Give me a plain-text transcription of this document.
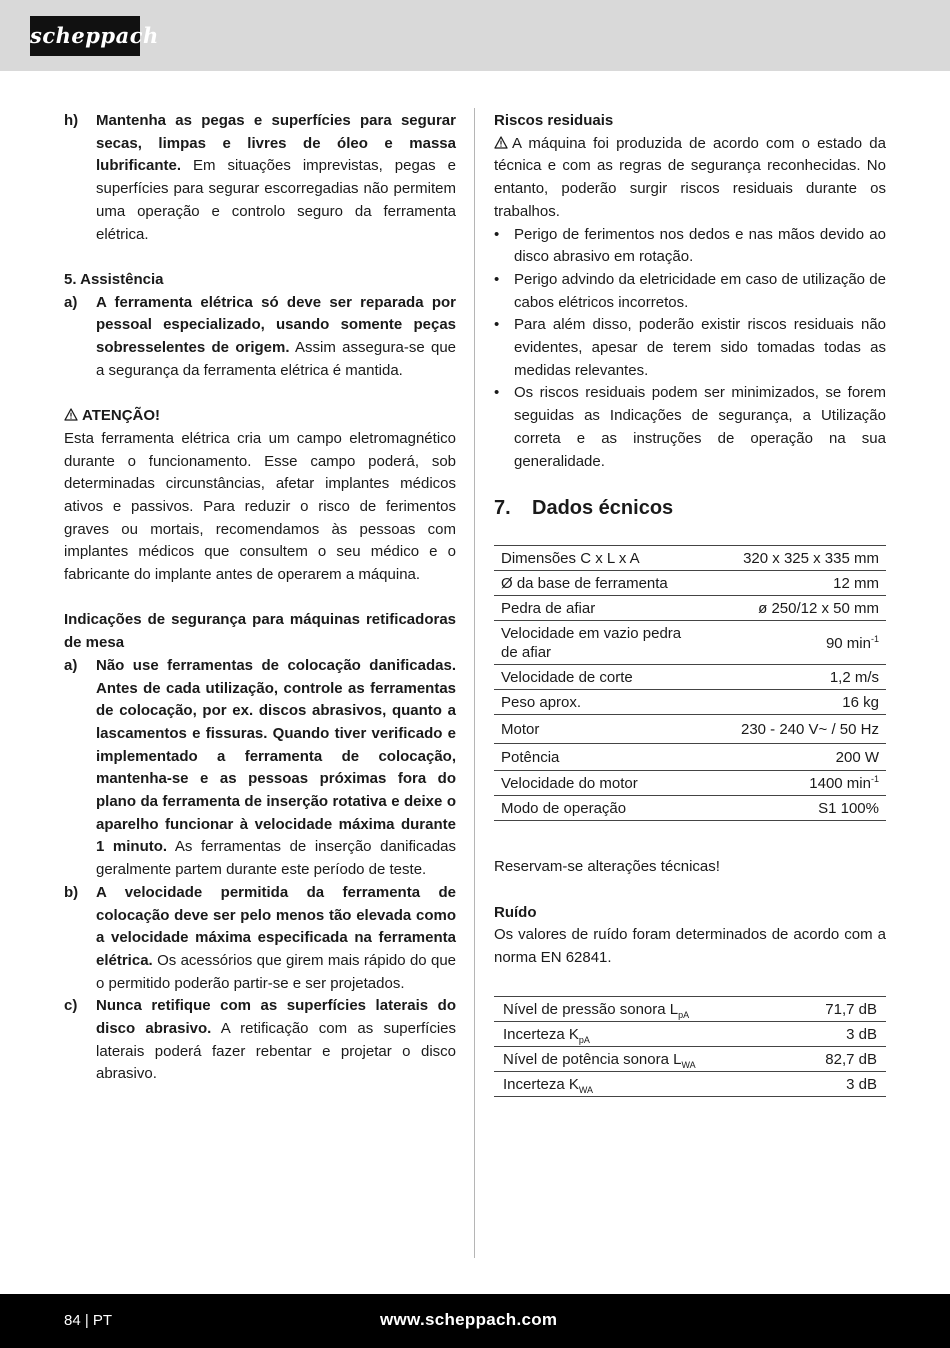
scheppach
h) Mantenha as pegas e superfícies para segurar secas, limpas e livres de óleo e massa lubrificante. Em situações imprevistas, pegas e superfícies para segurar escorregadias não permitem uma operação e controlo seguro da ferramenta elétrica.

5. Assistência

a) A ferramenta elétrica só deve ser reparada por pessoal especializado, usando somente peças sobresselentes de origem. Assim assegura-se que a segurança da ferramenta elétrica é mantida.

ATENÇÃO!

Esta ferramenta elétrica cria um campo eletromagnético durante o funcionamento. Esse campo poderá, sob determinadas circunstâncias, afetar implantes médicos ativos e passivos. Para reduzir o risco de ferimentos graves ou mortais, recomendamos às pessoas com implantes médicos que consultem o seu médico e o fabricante do implante antes de operarem a máquina.

Indicações de segurança para máquinas retificadoras de mesa

a) Não use ferramentas de colocação danificadas. Antes de cada utilização, controle as ferramentas de colocação, por ex. discos abrasivos, quanto a lascamentos e fissuras. Quando tiver verificado e implementado a ferramenta de colocação, mantenha-se e as pessoas próximas fora do plano da ferramenta de inserção rotativa e deixe o aparelho funcionar à velocidade máxima durante 1 minuto. As ferramentas de inserção danificadas geralmente partem durante este período de teste.
b) A velocidade permitida da ferramenta de colocação deve ser pelo menos tão elevada como a velocidade máxima especificada na ferramenta elétrica. Os acessórios que girem mais rápido do que o permitido poderão partir-se e ser projetados.
c) Nunca retifique com as superfícies laterais do disco abrasivo. A retificação com as superfícies laterais poderá fazer rebentar e projetar o disco abrasivo.

Riscos residuais

A máquina foi produzida de acordo com o estado da técnica e com as regras de segurança reconhecidas. No entanto, poderão surgir riscos residuais durante os trabalhos.

• Perigo de ferimentos nos dedos e nas mãos devido ao disco abrasivo em rotação.
• Perigo advindo da eletricidade em caso de utilização de cabos elétricos incorretos.
• Para além disso, poderão existir riscos residuais não evidentes, apesar de terem sido tomadas todas as medidas relevantes.
• Os riscos residuais podem ser minimizados, se forem seguidas as Indicações de segurança, a Utilização correta e as instruções de operação na sua generalidade.
7. Dados écnicos
Dimensões C x L x A	320 x 325 x 335 mm
Ø da base de ferramenta	12 mm
Pedra de afiar	ø 250/12 x 50 mm
Velocidade em vazio pedra de afiar	90 $\min^{-1}$
Velocidade de corte	1,2 m/s
Peso aprox.	16 kg
Motor	230 - 240 V~ / 50 Hz
Potência	200 W
Velocidade do motor	1400 $\min^{-1}$
Modo de operação	S1 100%

Reservam-se alterações técnicas!

Ruído

Os valores de ruído foram determinados de acordo com a norma EN 62841.

Nível de pressão sonora $L_{pA}$	71,7 dB
Incerteza $K_{pA}$	3 dB
Nível de potência sonora $L_{WA}$	82,7 dB
Incerteza $K_{WA}$	3 dB
84 | PT	www.scheppach.com
